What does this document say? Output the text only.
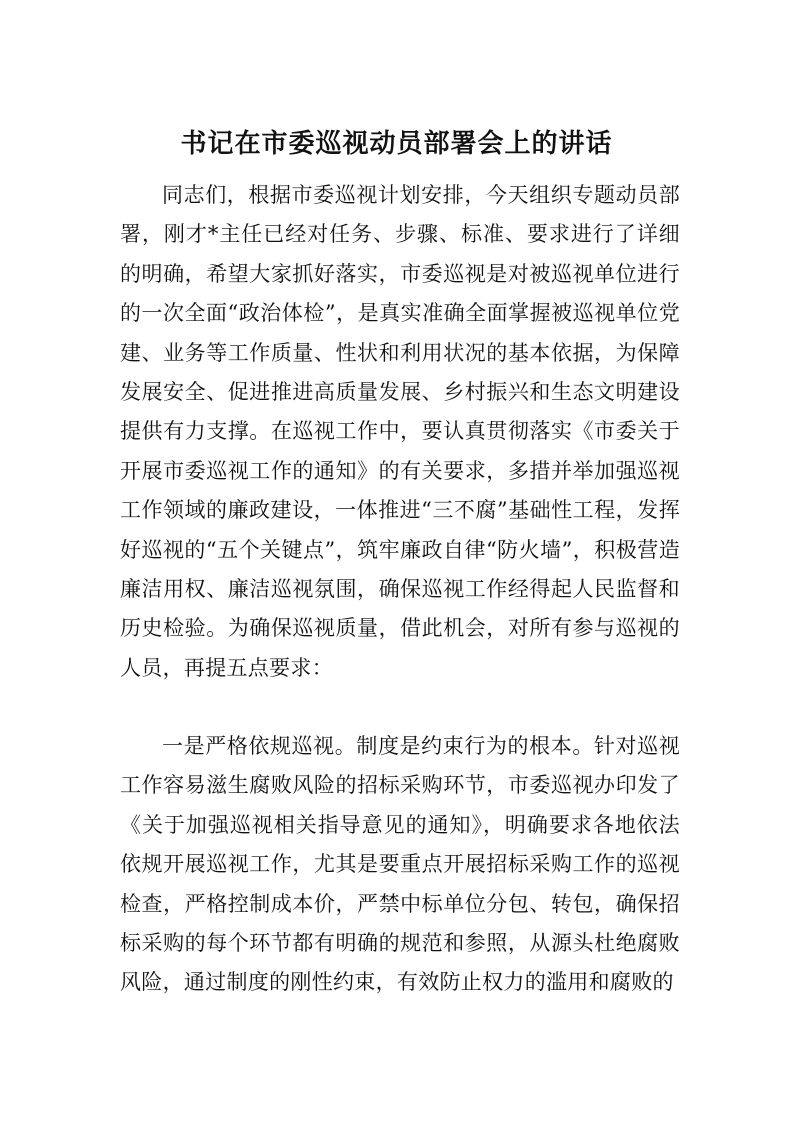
书记在市委巡视动员部署会上的讲话

同志们，根据市委巡视计划安排，今天组织专题动员部署，刚才*主任已经对任务、步骤、标准、要求进行了详细的明确，希望大家抓好落实，市委巡视是对被巡视单位进行的一次全面“政治体检”，是真实准确全面掌握被巡视单位党建、业务等工作质量、性状和利用状况的基本依据，为保障发展安全、促进推进高质量发展、乡村振兴和生态文明建设提供有力支撑。在巡视工作中，要认真贯彻落实《市委关于开展市委巡视工作的通知》的有关要求，多措并举加强巡视工作领域的廉政建设，一体推进“三不腐”基础性工程，发挥好巡视的“五个关键点”，筑牢廉政自律“防火墙”，积极营造廉洁用权、廉洁巡视氛围，确保巡视工作经得起人民监督和历史检验。为确保巡视质量，借此机会，对所有参与巡视的人员，再提五点要求：

一是严格依规巡视。制度是约束行为的根本。针对巡视工作容易滋生腐败风险的招标采购环节，市委巡视办印发了《关于加强巡视相关指导意见的通知》，明确要求各地依法依规开展巡视工作，尤其是要重点开展招标采购工作的巡视检查，严格控制成本价，严禁中标单位分包、转包，确保招标采购的每个环节都有明确的规范和参照，从源头杜绝腐败风险，通过制度的刚性约束，有效防止权力的滥用和腐败的
